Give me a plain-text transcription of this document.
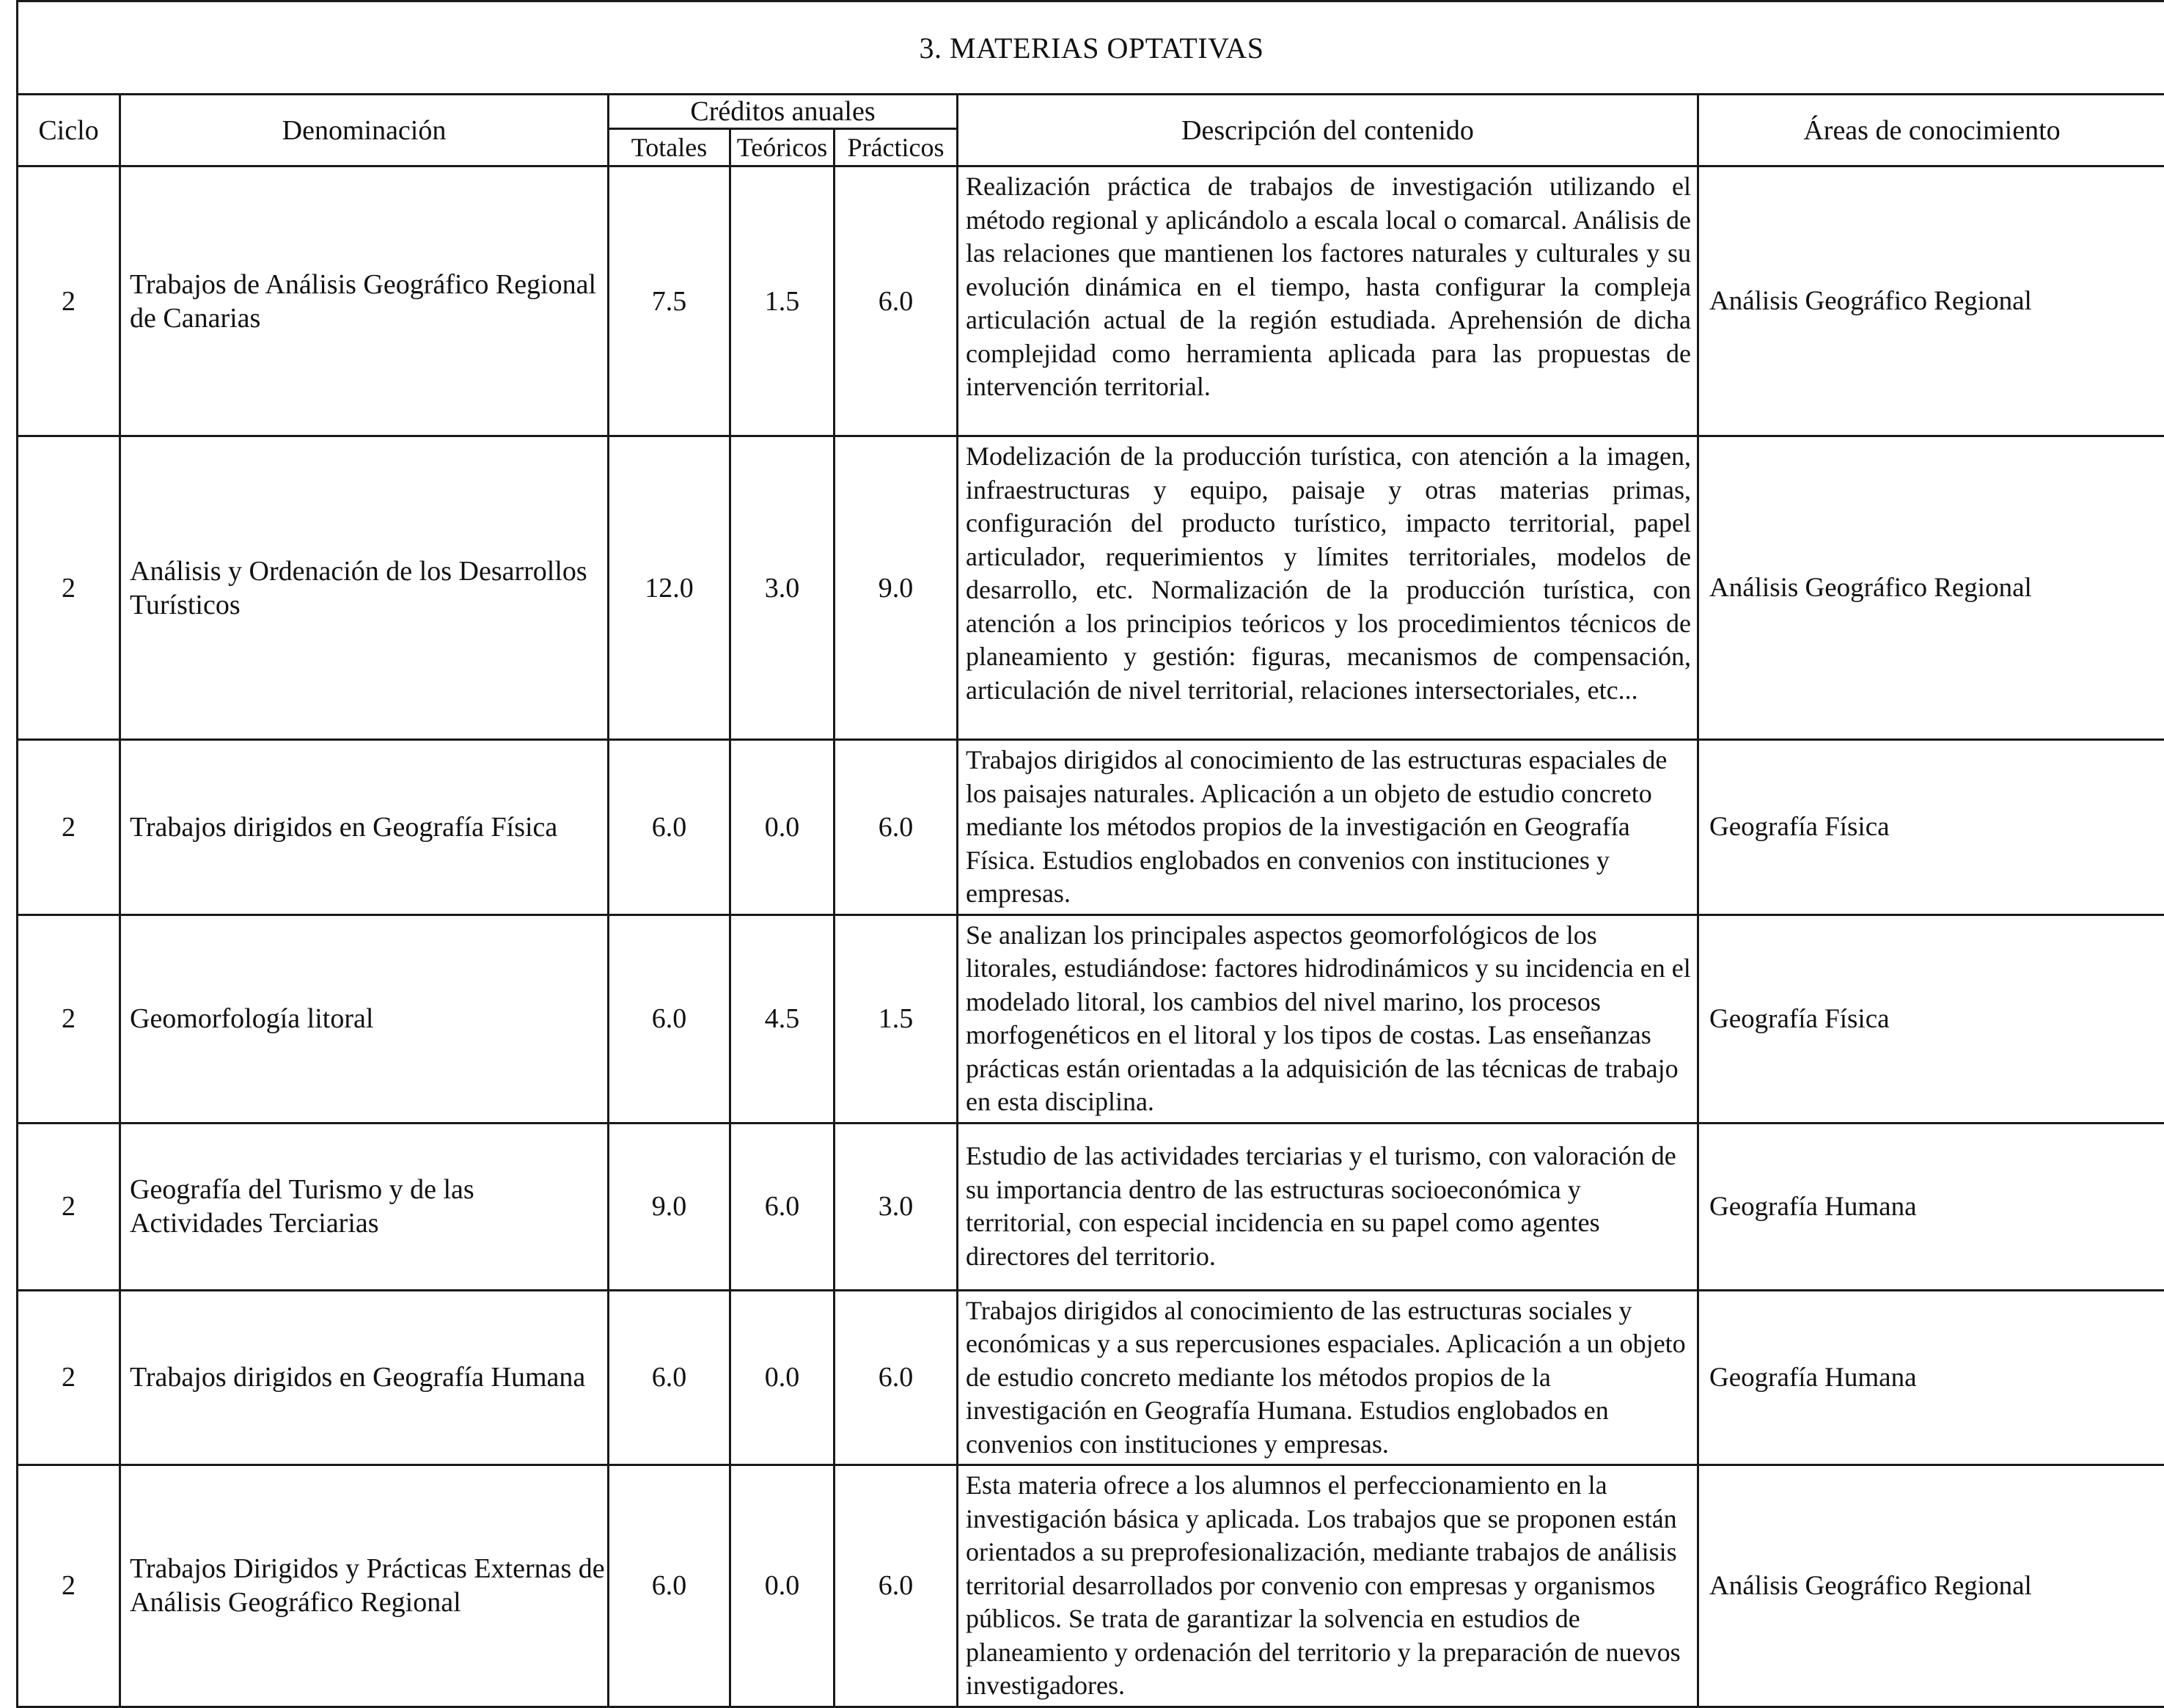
3. MATERIAS OPTATIVAS						
Ciclo	Denominación	Créditos anuales			Descripción del contenido	Áreas de conocimiento
		Totales	Teóricos	Prácticos		
2	Trabajos de Análisis Geográfico Regional de Canarias	7.5	1.5	6.0	Realización práctica de trabajos de investigación utilizando el método regional y aplicándolo a escala local o comarcal. Análisis de las relaciones que mantienen los factores naturales y culturales y su evolución dinámica en el tiempo, hasta configurar la compleja articulación actual de la región estudiada. Aprehensión de dicha complejidad como herramienta aplicada para las propuestas de intervención territorial.	Análisis Geográfico Regional
2	Análisis y Ordenación de los Desarrollos Turísticos	12.0	3.0	9.0	Modelización de la producción turística, con atención a la imagen, infraestructuras y equipo, paisaje y otras materias primas, configuración del producto turístico, impacto territorial, papel articulador, requerimientos y límites territoriales, modelos de desarrollo, etc. Normalización de la producción turística, con atención a los principios teóricos y los procedimientos técnicos de planeamiento y gestión: figuras, mecanismos de compensación, articulación de nivel territorial, relaciones intersectoriales, etc...	Análisis Geográfico Regional
2	Trabajos dirigidos en Geografía Física	6.0	0.0	6.0	Trabajos dirigidos al conocimiento de las estructuras espaciales de los paisajes naturales. Aplicación a un objeto de estudio concreto mediante los métodos propios de la investigación en Geografía Física. Estudios englobados en convenios con instituciones y empresas.	Geografía Física
2	Geomorfología litoral	6.0	4.5	1.5	Se analizan los principales aspectos geomorfológicos de los litorales, estudiándose: factores hidrodinámicos y su incidencia en el modelado litoral, los cambios del nivel marino, los procesos morfogenéticos en el litoral y los tipos de costas. Las enseñanzas prácticas están orientadas a la adquisición de las técnicas de trabajo en esta disciplina.	Geografía Física
2	Geografía del Turismo y de las Actividades Terciarias	9.0	6.0	3.0	Estudio de las actividades terciarias y el turismo, con valoración de su importancia dentro de las estructuras socioeconómica y territorial, con especial incidencia en su papel como agentes directores del territorio.	Geografía Humana
2	Trabajos dirigidos en Geografía Humana	6.0	0.0	6.0	Trabajos dirigidos al conocimiento de las estructuras sociales y económicas y a sus repercusiones espaciales. Aplicación a un objeto de estudio concreto mediante los métodos propios de la investigación en Geografía Humana. Estudios englobados en convenios con instituciones y empresas.	Geografía Humana
2	Trabajos Dirigidos y Prácticas Externas de Análisis Geográfico Regional	6.0	0.0	6.0	Esta materia ofrece a los alumnos el perfeccionamiento en la investigación básica y aplicada. Los trabajos que se proponen están orientados a su preprofesionalización, mediante trabajos de análisis territorial desarrollados por convenio con empresas y organismos públicos. Se trata de garantizar la solvencia en estudios de planeamiento y ordenación del territorio y la preparación de nuevos investigadores.	Análisis Geográfico Regional
